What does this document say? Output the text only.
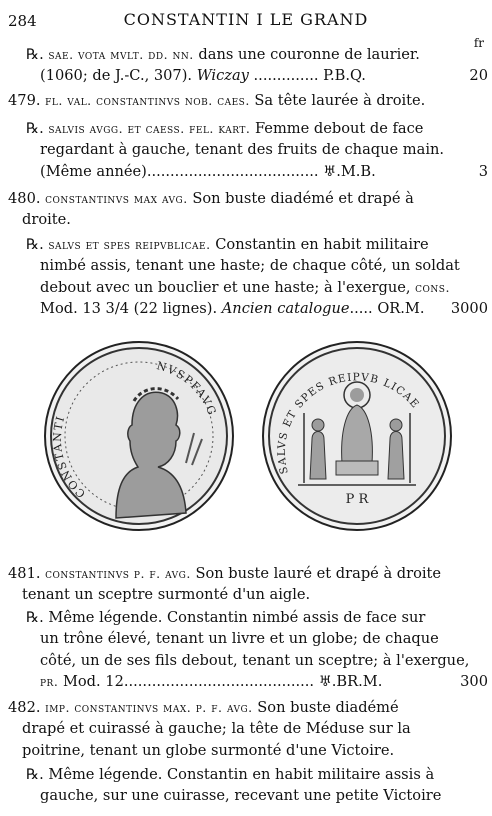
284	CONSTANTIN I LE GRAND
fr
℞. sae. vota mvlt. dd. nn. dans une couronne de laurier.
(1060; de J.-C., 307). Wiczay .............. P.B.Q.	20
479. fl. val. constantinvs nob. caes. Sa tête laurée à droite.
℞. salvis avgg. et caess. fel. kart. Femme debout de face
regardant à gauche, tenant des fruits de chaque main.
(Même année)..................................... ♅.M.B.	3
480. constantinvs max avg. Son buste diadémé et drapé à
droite.
℞. salvs et spes reipvblicae. Constantin en habit militaire
nimbé assis, tenant une haste; de chaque côté, un soldat
debout avec un bouclier et une haste; à l'exergue, cons.
Mod. 13 3/4 (22 lignes). Ancien catalogue..... OR.M. 3000
481. constantinvs p. f. avg. Son buste lauré et drapé à droite
tenant un sceptre surmonté d'un aigle.
℞. Même légende. Constantin nimbé assis de face sur
un trône élevé, tenant un livre et un globe; de chaque
côté, un de ses fils debout, tenant un sceptre; à l'exergue,
pr. Mod. 12......................................... ♅.BR.M.	300
482. imp. constantinvs max. p. f. avg. Son buste diadémé
drapé et cuirassé à gauche; la tête de Méduse sur la
poitrine, tenant un globe surmonté d'une Victoire.
℞. Même légende. Constantin en habit militaire assis à
gauche, sur une cuirasse, recevant une petite Victoire
CONSTANTI
NVSPFAVG
SALVS ET SPES REIPVB LICAE
P R
